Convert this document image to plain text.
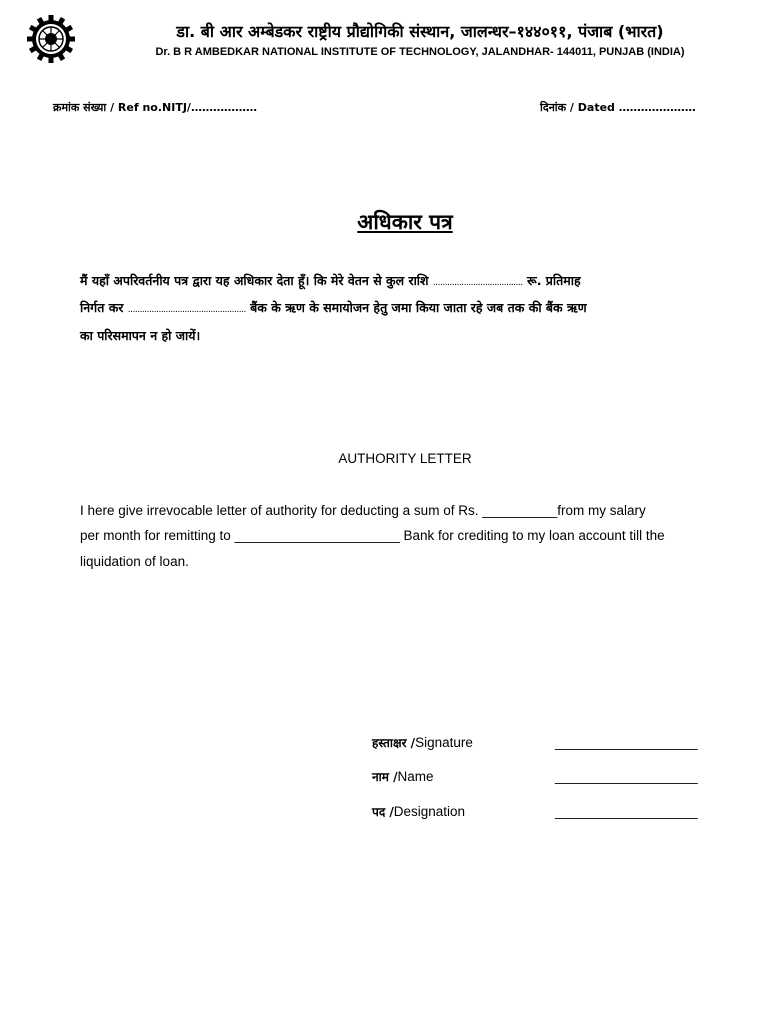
डा. बी आर अम्बेडकर राष्ट्रीय प्रौद्योगिकी संस्थान, जालन्धर–१४४०११, पंजाब (भारत)
Dr. B R AMBEDKAR NATIONAL INSTITUTE OF TECHNOLOGY, JALANDHAR- 144011, PUNJAB (INDIA)
क्रमांक संख्या / Ref no.NITJ/………………	दिनांक / Dated …………………
अधिकार पत्र
मैं यहाँ अपरिवर्तनीय पत्र द्वारा यह अधिकार देता हूँ। कि मेरे वेतन से कुल राशि ...................................... रू. प्रतिमाह
निर्गत कर .................................................. बैंक के ऋण के समायोजन हेतु जमा किया जाता रहे जब तक की बैंक ऋण
का परिसमापन न हो जायें।
AUTHORITY LETTER
I here give irrevocable letter of authority for deducting a sum of Rs. __________from my salary
per month for remitting to ______________________ Bank for crediting to my loan account till the
liquidation of loan.
हस्ताक्षर /Signature	___________________
नाम /Name	___________________
पद /Designation	___________________
